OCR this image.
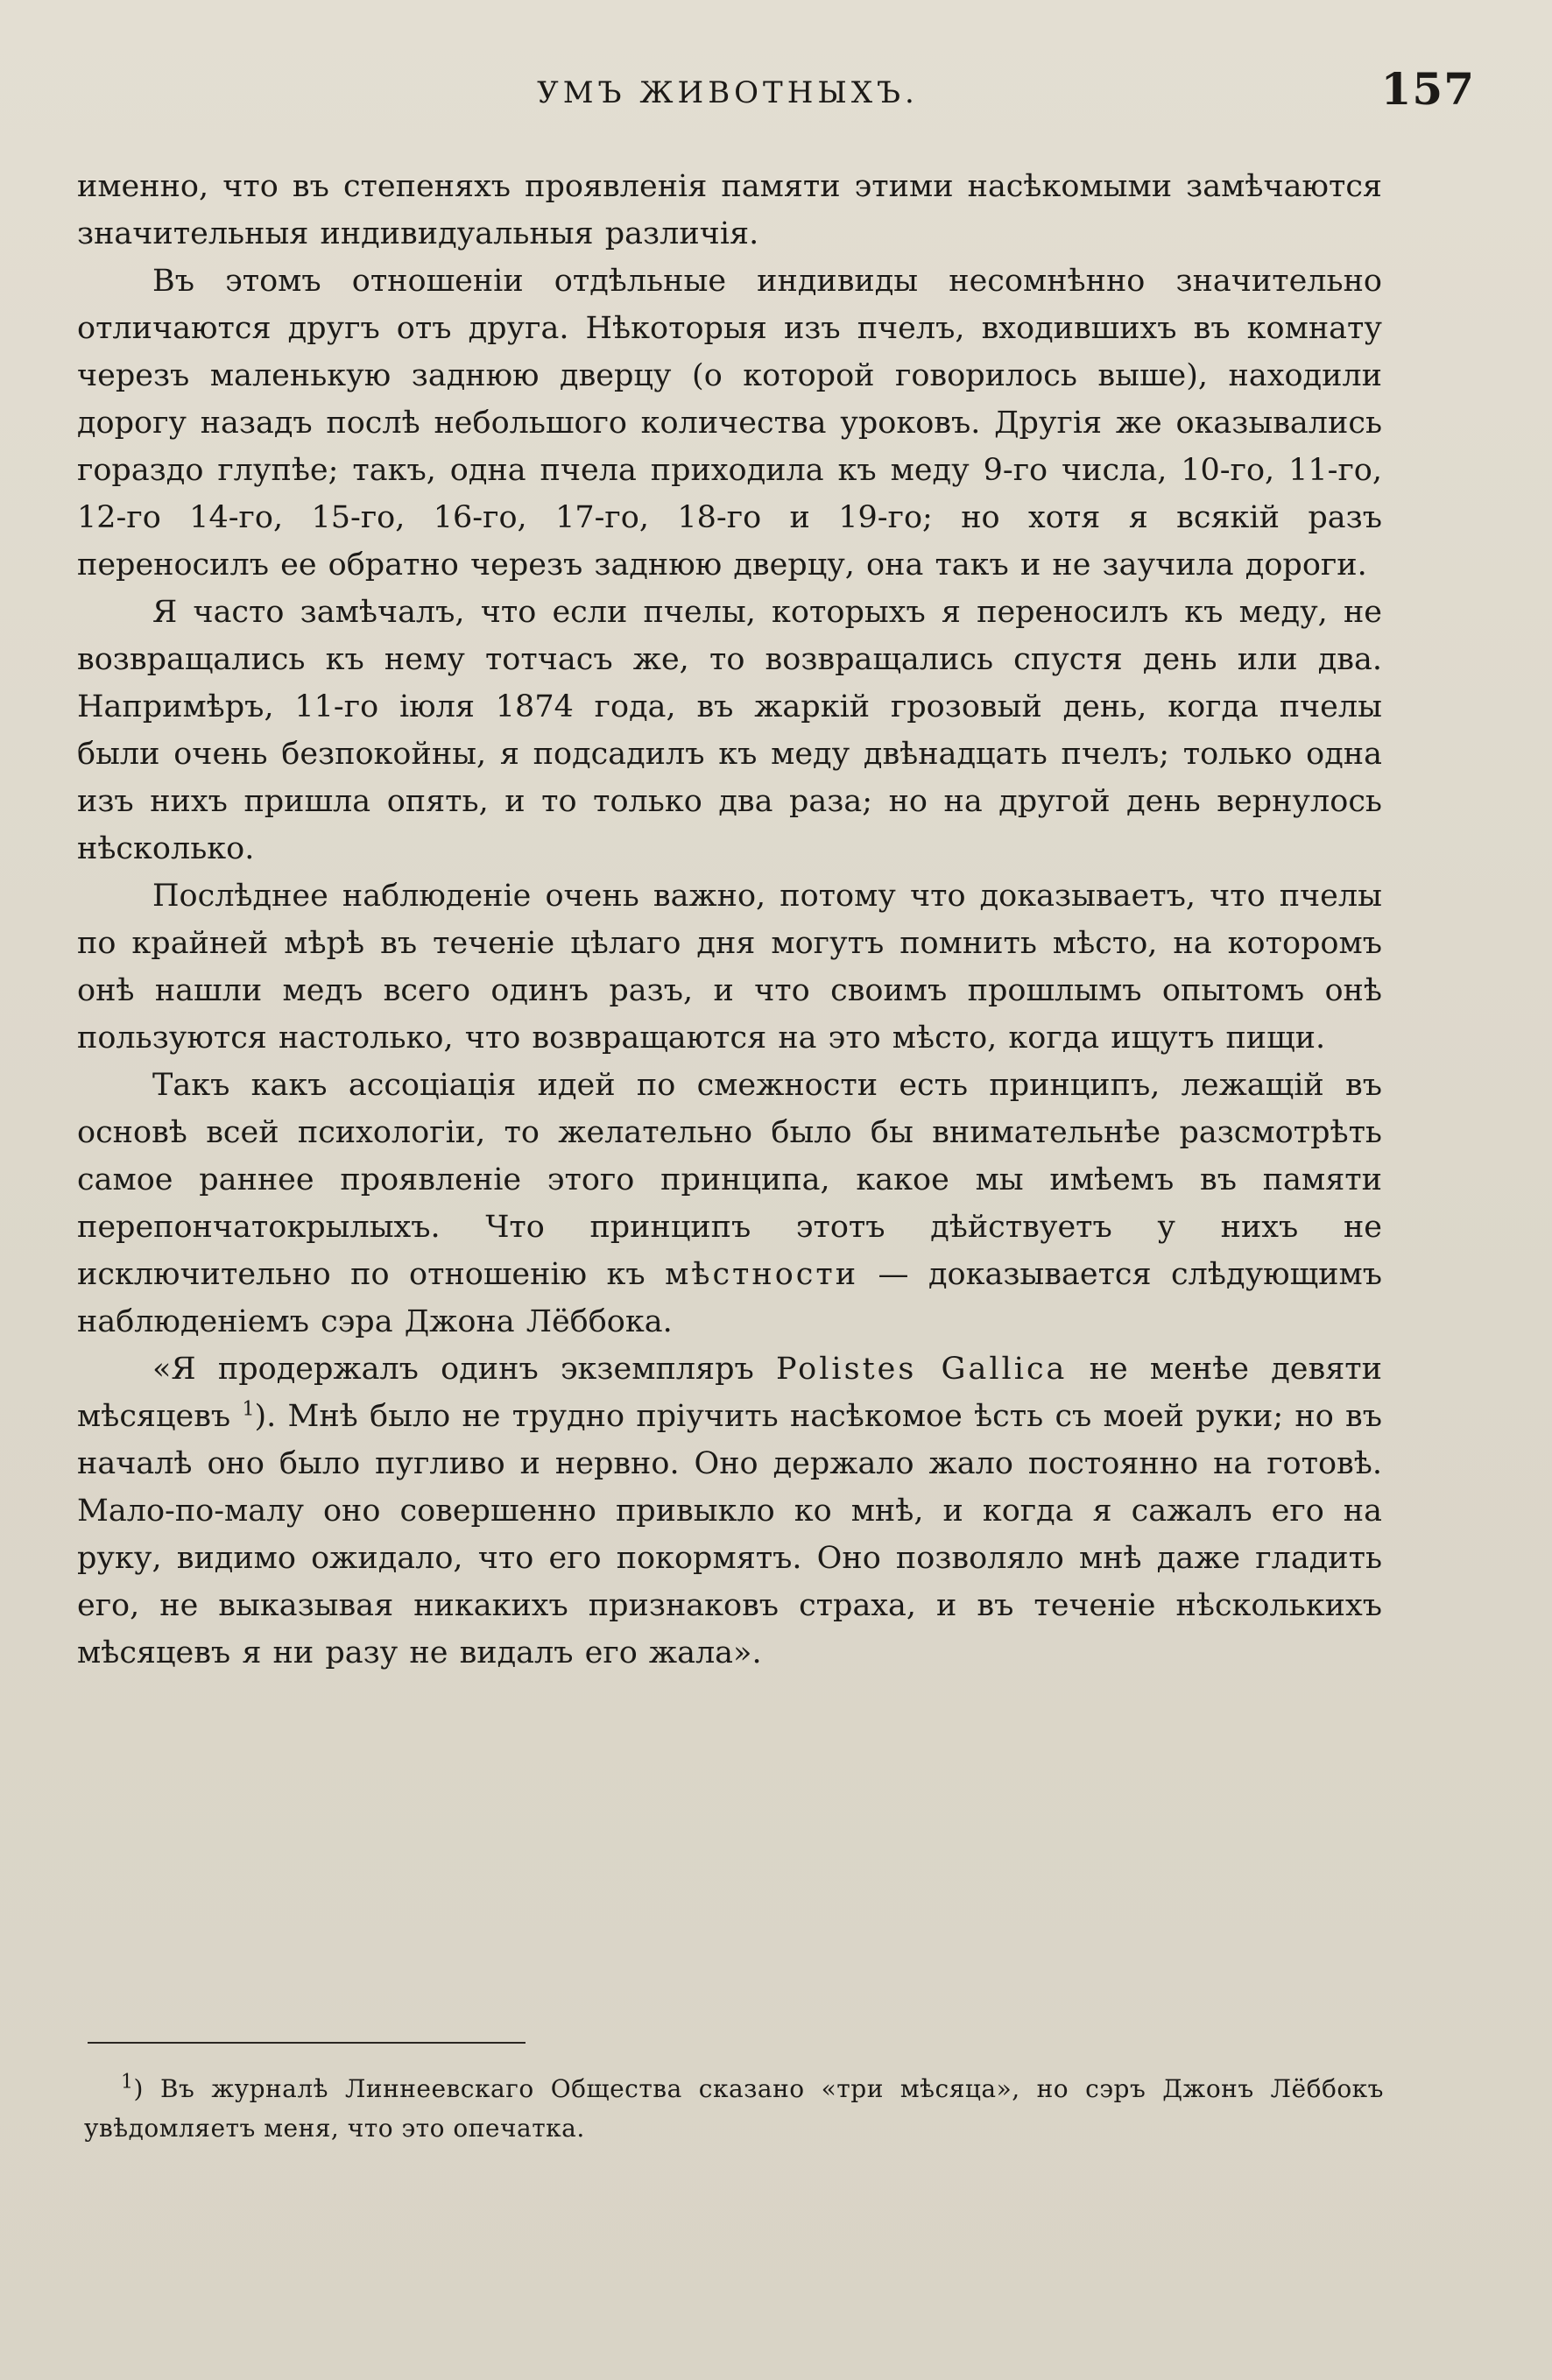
УМЪ ЖИВОТНЫХЪ.	157

именно, что въ степеняхъ проявленія памяти этими насѣкомыми замѣчаются значительныя индивидуальныя различія.

Въ этомъ отношеніи отдѣльные индивиды несомнѣнно значительно отличаются другъ отъ друга. Нѣкоторыя изъ пчелъ, входившихъ въ комнату черезъ маленькую заднюю дверцу (о которой говорилось выше), находили дорогу назадъ послѣ небольшого количества уроковъ. Другія же оказывались гораздо глупѣе; такъ, одна пчела приходила къ меду 9-го числа, 10-го, 11-го, 12-го 14-го, 15-го, 16-го, 17-го, 18-го и 19-го; но хотя я всякій разъ переносилъ ее обратно черезъ заднюю дверцу, она такъ и не заучила дороги.

Я часто замѣчалъ, что если пчелы, которыхъ я переносилъ къ меду, не возвращались къ нему тотчасъ же, то возвращались спустя день или два. Напримѣръ, 11-го іюля 1874 года, въ жаркій грозовый день, когда пчелы были очень безпокойны, я подсадилъ къ меду двѣнадцать пчелъ; только одна изъ нихъ пришла опять, и то только два раза; но на другой день вернулось нѣсколько.

Послѣднее наблюденіе очень важно, потому что доказываетъ, что пчелы по крайней мѣрѣ въ теченіе цѣлаго дня могутъ помнить мѣсто, на которомъ онѣ нашли медъ всего одинъ разъ, и что своимъ прошлымъ опытомъ онѣ пользуются настолько, что возвращаются на это мѣсто, когда ищутъ пищи.

Такъ какъ ассоціація идей по смежности есть принципъ, лежащій въ основѣ всей психологіи, то желательно было бы внимательнѣе разсмотрѣть самое раннее проявленіе этого принципа, какое мы имѣемъ въ памяти перепончатокрылыхъ. Что принципъ этотъ дѣйствуетъ у нихъ не исключительно по отношенію къ мѣстности — доказывается слѣдующимъ наблюденіемъ сэра Джона Лёббока.

«Я продержалъ одинъ экземпляръ Polistes Gallica не менѣе девяти мѣсяцевъ $^1$). Мнѣ было не трудно пріучить насѣкомое ѣсть съ моей руки; но въ началѣ оно было пугливо и нервно. Оно держало жало постоянно на готовѣ. Мало-по-малу оно совершенно привыкло ко мнѣ, и когда я сажалъ его на руку, видимо ожидало, что его покормятъ. Оно позволяло мнѣ даже гладить его, не выказывая никакихъ признаковъ страха, и въ теченіе нѣсколькихъ мѣсяцевъ я ни разу не видалъ его жала».

$^1$) Въ журналѣ Линнеевскаго Общества сказано «три мѣсяца», но сэръ Джонъ Лёббокъ увѣдомляетъ меня, что это опечатка.
